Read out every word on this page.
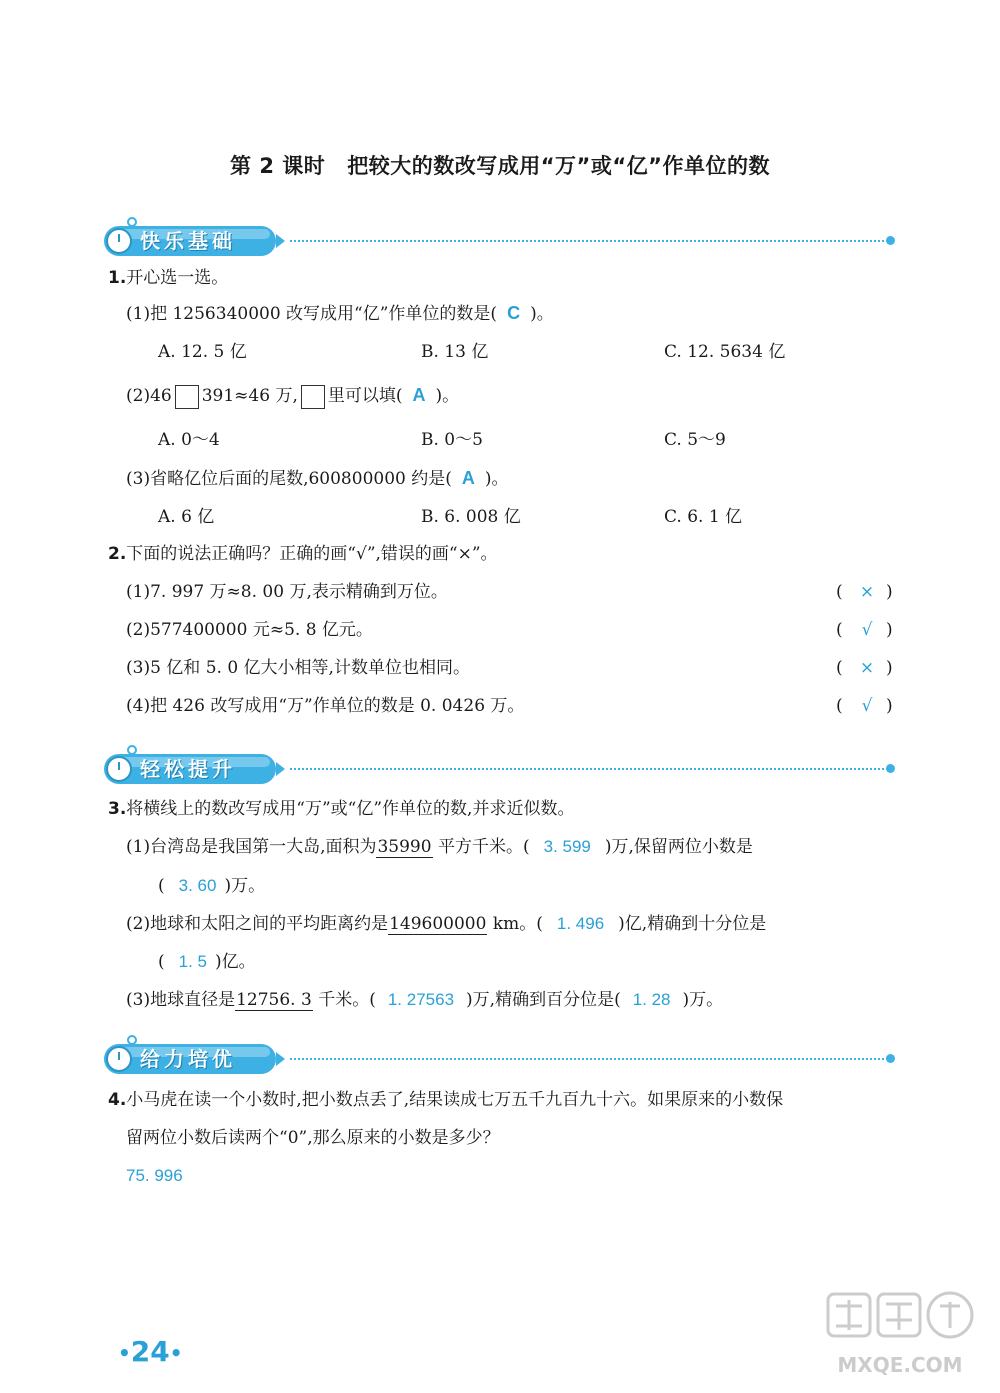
第 2 课时 把较大的数改写成用“万”或“亿”作单位的数
快乐基础
1.开心选一选。
(1)把 1256340000 改写成用“亿”作单位的数是( C )。
A. 12. 5 亿	B. 13 亿	C. 12. 5634 亿
(2)46 391≈46 万, 里可以填( A )。
A. 0～4	B. 0～5	C. 5～9
(3)省略亿位后面的尾数,600800000 约是( A )。
A. 6 亿	B. 6. 008 亿	C. 6. 1 亿
2.下面的说法正确吗？正确的画“√”,错误的画“×”。
(1)7. 997 万≈8. 00 万,表示精确到万位。	( × )
(2)577400000 元≈5. 8 亿元。	(	√ )
(3)5 亿和 5. 0 亿大小相等,计数单位也相同。	( × )
(4)把 426 改写成用“万”作单位的数是 0. 0426 万。	(	√ )
轻松提升
3.将横线上的数改写成用“万”或“亿”作单位的数,并求近似数。
(1)台湾岛是我国第一大岛,面积为35990 平方千米。( 3. 599 )万,保留两位小数是
( 3. 60 )万。
(2)地球和太阳之间的平均距离约是149600000 km。( 1. 496 )亿,精确到十分位是
( 1. 5 )亿。
(3)地球直径是12756. 3 千米。( 1. 27563 )万,精确到百分位是( 1. 28 )万。
给力培优
4.小马虎在读一个小数时,把小数点丢了,结果读成七万五千九百九十六。如果原来的小数保
留两位小数后读两个“0”,那么原来的小数是多少？
75. 996
•24•	MXQE.COM
